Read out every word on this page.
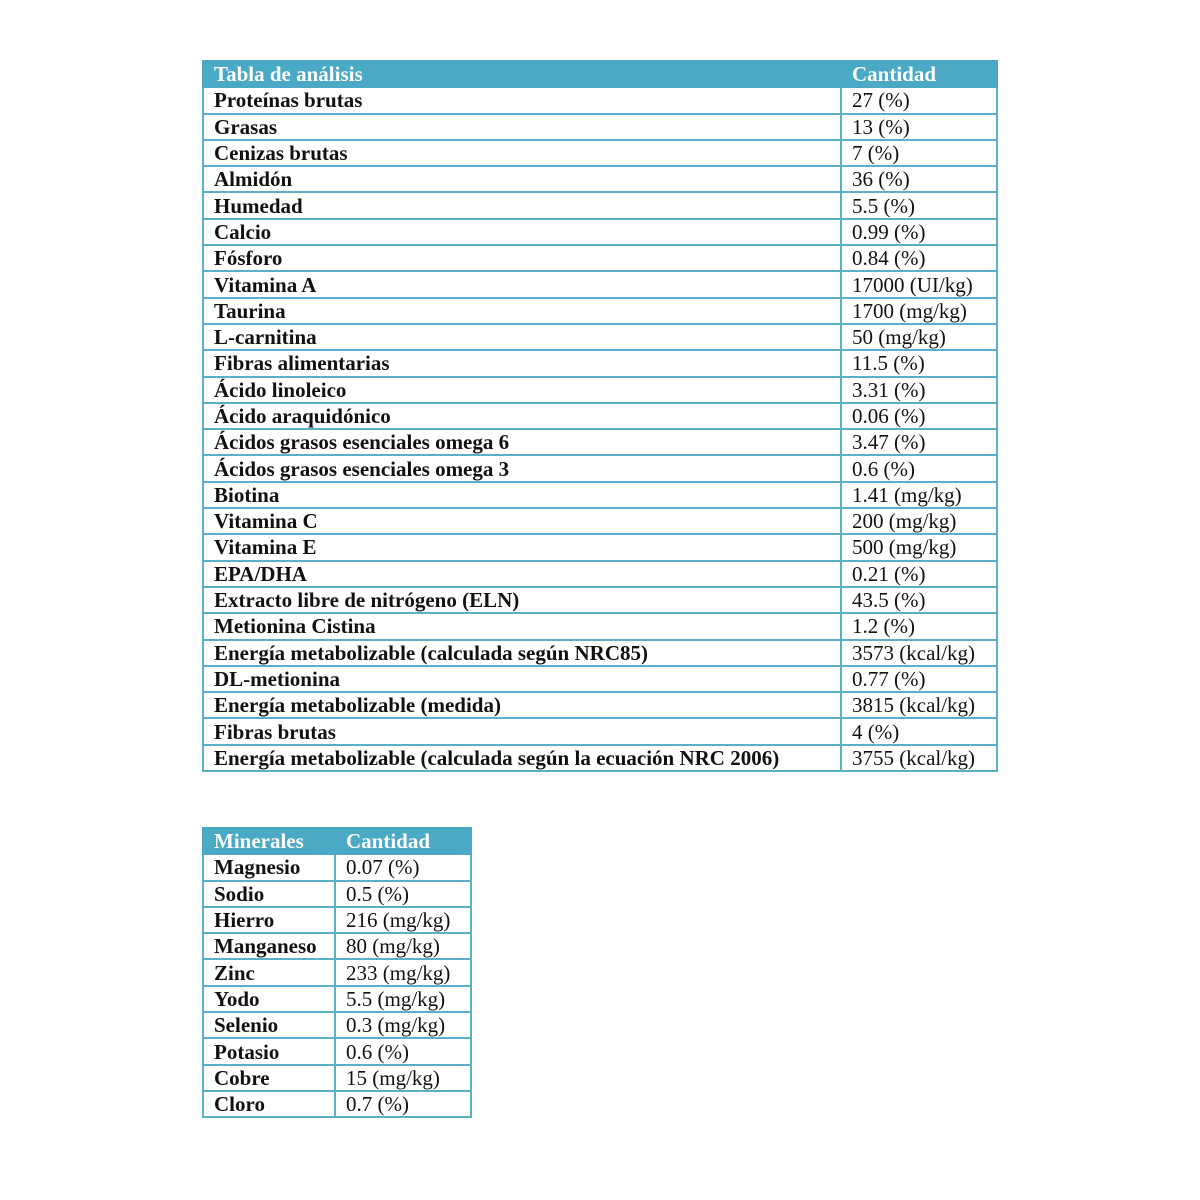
Tabla de análisis	Cantidad
Proteínas brutas	27 (%)
Grasas	13 (%)
Cenizas brutas	7 (%)
Almidón	36 (%)
Humedad	5.5 (%)
Calcio	0.99 (%)
Fósforo	0.84 (%)
Vitamina A	17000 (UI/kg)
Taurina	1700 (mg/kg)
L-carnitina	50 (mg/kg)
Fibras alimentarias	11.5 (%)
Ácido linoleico	3.31 (%)
Ácido araquidónico	0.06 (%)
Ácidos grasos esenciales omega 6	3.47 (%)
Ácidos grasos esenciales omega 3	0.6 (%)
Biotina	1.41 (mg/kg)
Vitamina C	200 (mg/kg)
Vitamina E	500 (mg/kg)
EPA/DHA	0.21 (%)
Extracto libre de nitrógeno (ELN)	43.5 (%)
Metionina Cistina	1.2 (%)
Energía metabolizable (calculada según NRC85)	3573 (kcal/kg)
DL-metionina	0.77 (%)
Energía metabolizable (medida)	3815 (kcal/kg)
Fibras brutas	4 (%)
Energía metabolizable (calculada según la ecuación NRC 2006)	3755 (kcal/kg)
Minerales	Cantidad
Magnesio	0.07 (%)
Sodio	0.5 (%)
Hierro	216 (mg/kg)
Manganeso	80 (mg/kg)
Zinc	233 (mg/kg)
Yodo	5.5 (mg/kg)
Selenio	0.3 (mg/kg)
Potasio	0.6 (%)
Cobre	15 (mg/kg)
Cloro	0.7 (%)
